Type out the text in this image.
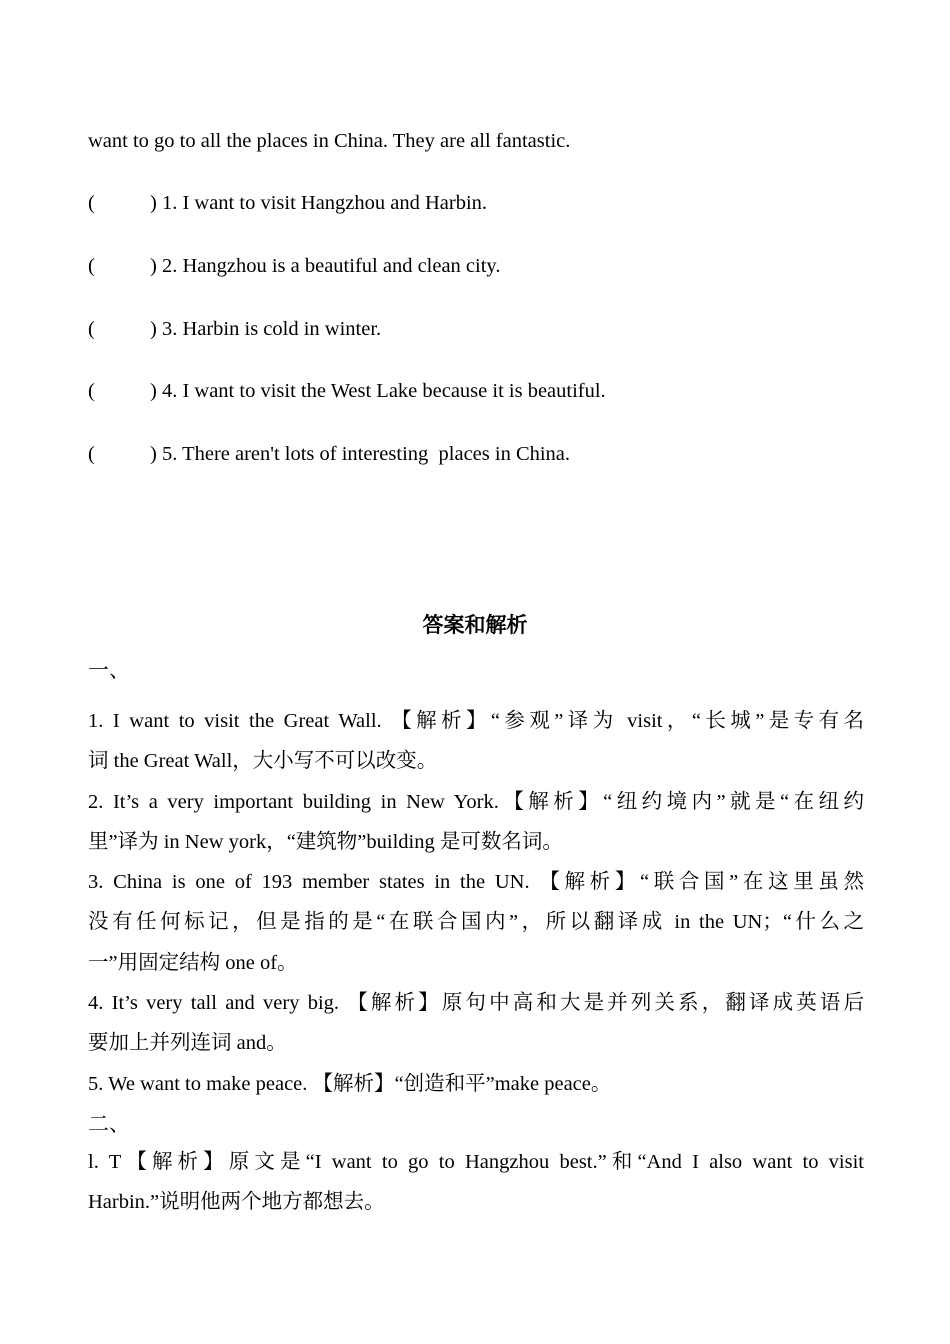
want to go to all the places in China. They are all fantastic.
(	) 1. I want to visit Hangzhou and Harbin.
(	) 2. Hangzhou is a beautiful and clean city.
(	) 3. Harbin is cold in winter.
(	) 4. I want to visit the West Lake because it is beautiful.
(	) 5. There aren't lots of interesting  places in China.
答案和解析
一、
1. I want to visit the Great Wall. 【解析】“参观”译为 visit，“长城”是专有名
词 the Great Wall，大小写不可以改变。
2. It’s a very important building in New York.【解析】“纽约境内”就是“在纽约
里”译为 in New york，“建筑物”building 是可数名词。
3. China is one of 193 member states in the UN. 【解析】“联合国”在这里虽然
没有任何标记，但是指的是“在联合国内”，所以翻译成 in the UN；“什么之
一”用固定结构 one of。
4. It’s very tall and very big. 【解析】原句中高和大是并列关系，翻译成英语后
要加上并列连词 and。
5. We want to make peace. 【解析】“创造和平”make peace。
二、
l. T【解析】原文是“I want to go to Hangzhou best.”和“And I also want to visit
Harbin.”说明他两个地方都想去。
